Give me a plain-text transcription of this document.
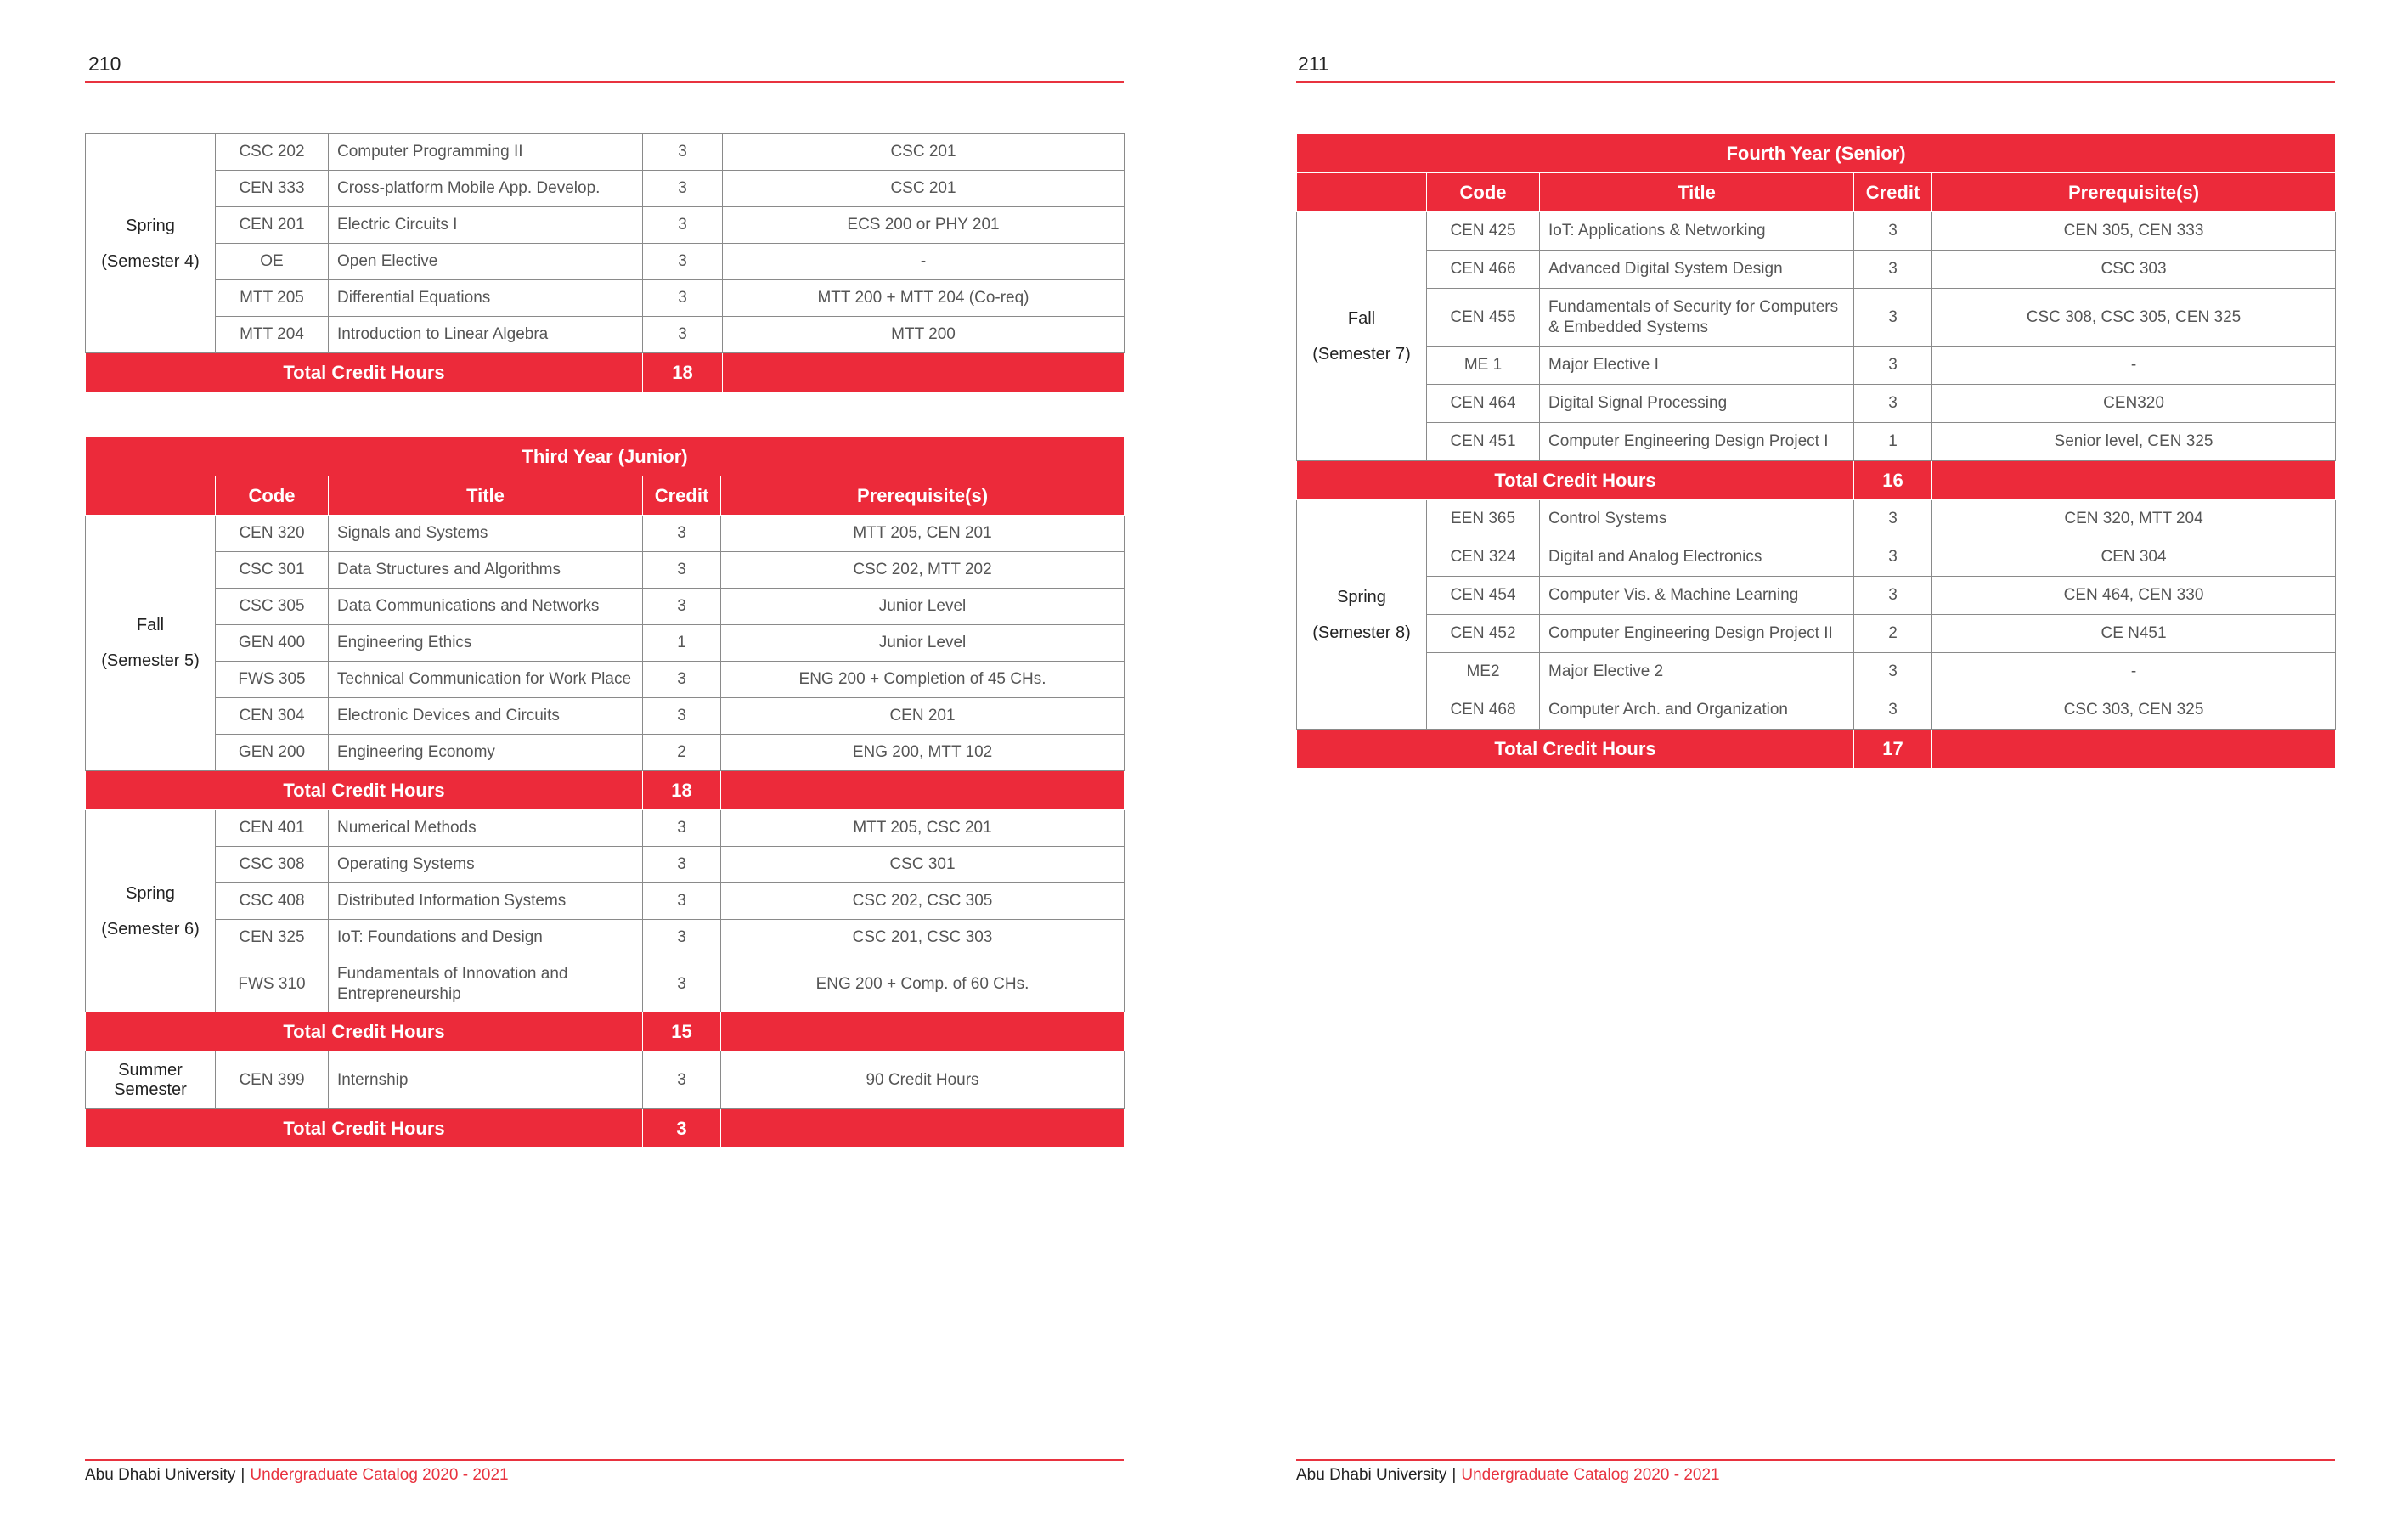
210
Spring
(Semester 4)	CSC 202	Computer Programming II	3	CSC 201
	CEN 333	Cross-platform Mobile App. Develop.	3	CSC 201
	CEN 201	Electric Circuits I	3	ECS 200 or PHY 201
	OE	Open Elective	3	-
	MTT 205	Differential Equations	3	MTT 200 + MTT 204 (Co-req)
	MTT 204	Introduction to Linear Algebra	3	MTT 200
Total Credit Hours			18	
Third Year (Junior)				
	Code	Title	Credit	Prerequisite(s)

Fall
(Semester 5)	CEN 320	Signals and Systems	3	MTT 205, CEN 201
	CSC 301	Data Structures and Algorithms	3	CSC 202, MTT 202
	CSC 305	Data Communications and Networks	3	Junior Level
	GEN 400	Engineering Ethics	1	Junior Level
	FWS 305	Technical Communication for Work Place	3	ENG 200 + Completion of 45 CHs.
	CEN 304	Electronic Devices and Circuits	3	CEN 201
	GEN 200	Engineering Economy	2	ENG 200, MTT 102
Total Credit Hours			18	

Spring
(Semester 6)	CEN 401	Numerical Methods	3	MTT 205, CSC 201
	CSC 308	Operating Systems	3	CSC 301
	CSC 408	Distributed Information Systems	3	CSC 202, CSC 305
	CEN 325	IoT: Foundations and Design	3	CSC 201, CSC 303
	FWS 310	Fundamentals of Innovation and Entrepreneurship	3	ENG 200 + Comp. of 60 CHs.
Total Credit Hours			15	

Summer
Semester	CEN 399	Internship	3	90 Credit Hours
Total Credit Hours			3	
Abu Dhabi University | Undergraduate Catalog 2020 - 2021
211
Fourth Year (Senior)				
	Code	Title	Credit	Prerequisite(s)

Fall
(Semester 7)	CEN 425	IoT: Applications & Networking	3	CEN 305, CEN 333
	CEN 466	Advanced Digital System Design	3	CSC 303
	CEN 455	Fundamentals of Security for Computers & Embedded Systems	3	CSC 308, CSC 305, CEN 325
	ME 1	Major Elective I	3	-
	CEN 464	Digital Signal Processing	3	CEN320
	CEN 451	Computer Engineering Design Project I	1	Senior level, CEN 325
Total Credit Hours			16	

Spring
(Semester 8)	EEN 365	Control Systems	3	CEN 320, MTT 204
	CEN 324	Digital and Analog Electronics	3	CEN 304
	CEN 454	Computer Vis. & Machine Learning	3	CEN 464, CEN 330
	CEN 452	Computer Engineering Design Project II	2	CE N451
	ME2	Major Elective 2	3	-
	CEN 468	Computer Arch. and Organization	3	CSC 303, CEN 325
Total Credit Hours			17	
Abu Dhabi University | Undergraduate Catalog 2020 - 2021
